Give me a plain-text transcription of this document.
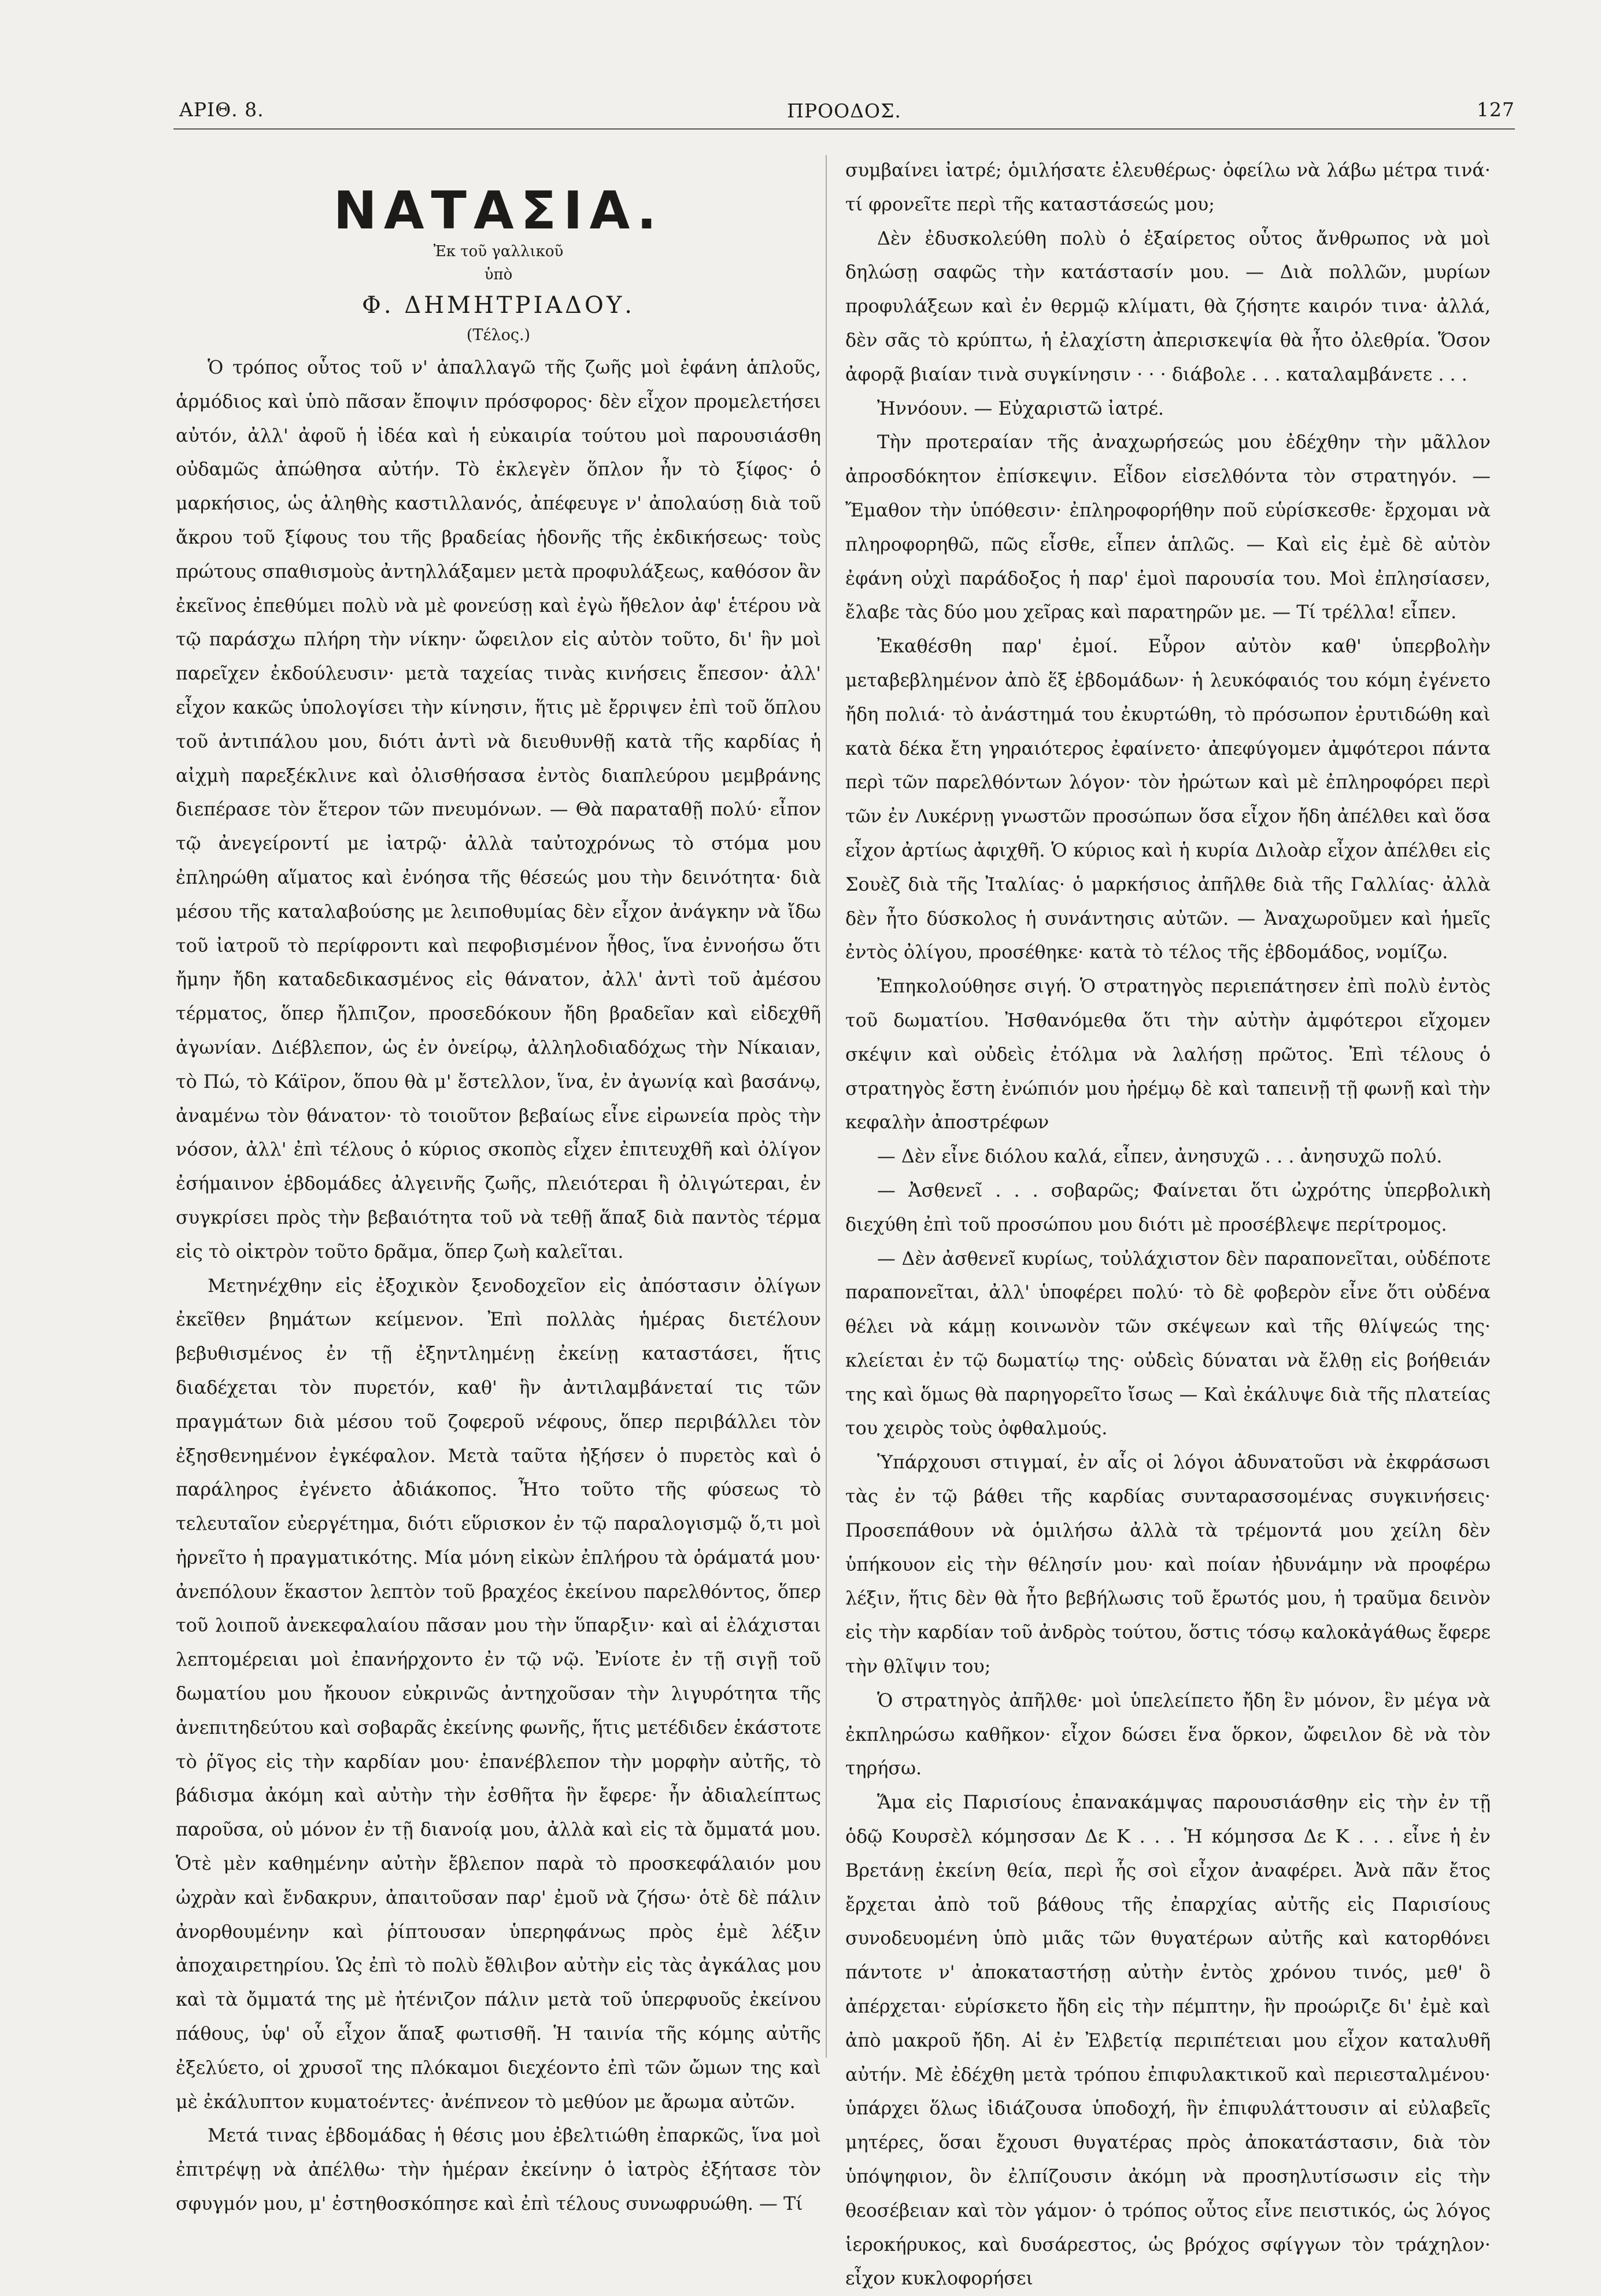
ΑΡΙΘ. 8.	ΠΡΟΟΔΟΣ.	127
ΝΑΤΑΣΙΑ.
Ἐκ τοῦ γαλλικοῦ
ὑπὸ
Φ. ΔΗΜΗΤΡΙΑΔΟΥ.
(Τέλος.)

Ὁ τρόπος οὗτος τοῦ ν' ἀπαλλαγῶ τῆς ζωῆς μοὶ ἐφάνη ἁπλοῦς, ἁρμόδιος καὶ ὑπὸ πᾶσαν ἔποψιν πρόσφορος· δὲν εἶχον προμελετήσει αὐτόν, ἀλλ' ἀφοῦ ἡ ἰδέα καὶ ἡ εὐκαιρία τούτου μοὶ παρουσιάσθη οὐδαμῶς ἀπώθησα αὐτήν. Τὸ ἐκλεγὲν ὅπλον ἦν τὸ ξίφος· ὁ μαρκήσιος, ὡς ἀληθὴς καστιλλανός, ἀπέφευγε ν' ἀπολαύσῃ διὰ τοῦ ἄκρου τοῦ ξίφους του τῆς βραδείας ἡδονῆς τῆς ἐκδικήσεως· τοὺς πρώτους σπαθισμοὺς ἀντηλλάξαμεν μετὰ προφυλάξεως, καθόσον ἂν ἐκεῖνος ἐπεθύμει πολὺ νὰ μὲ φονεύσῃ καὶ ἐγὼ ἤθελον ἀφ' ἑτέρου νὰ τῷ παράσχω πλήρη τὴν νίκην· ὤφειλον εἰς αὐτὸν τοῦτο, δι' ἣν μοὶ παρεῖχεν ἐκδούλευσιν· μετὰ ταχείας τινὰς κινήσεις ἔπεσον· ἀλλ' εἶχον κακῶς ὑπολογίσει τὴν κίνησιν, ἥτις μὲ ἔρριψεν ἐπὶ τοῦ ὅπλου τοῦ ἀντιπάλου μου, διότι ἀντὶ νὰ διευθυνθῇ κατὰ τῆς καρδίας ἡ αἰχμὴ παρεξέκλινε καὶ ὀλισθήσασα ἐντὸς διαπλεύρου μεμβράνης διεπέρασε τὸν ἕτερον τῶν πνευμόνων. — Θὰ παραταθῇ πολύ· εἶπον τῷ ἀνεγείροντί με ἰατρῷ· ἀλλὰ ταὐτοχρόνως τὸ στόμα μου ἐπληρώθη αἵματος καὶ ἐνόησα τῆς θέσεώς μου τὴν δεινότητα· διὰ μέσου τῆς καταλαβούσης με λειποθυμίας δὲν εἶχον ἀνάγκην νὰ ἴδω τοῦ ἰατροῦ τὸ περίφροντι καὶ πεφοβισμένον ἦθος, ἵνα ἐννοήσω ὅτι ἤμην ἤδη καταδεδικασμένος εἰς θάνατον, ἀλλ' ἀντὶ τοῦ ἀμέσου τέρματος, ὅπερ ἤλπιζον, προσεδόκουν ἤδη βραδεῖαν καὶ εἰδεχθῆ ἀγωνίαν. Διέβλεπον, ὡς ἐν ὀνείρῳ, ἀλληλοδιαδόχως τὴν Νίκαιαν, τὸ Πώ, τὸ Κάϊρον, ὅπου θὰ μ' ἔστελλον, ἵνα, ἐν ἀγωνίᾳ καὶ βασάνῳ, ἀναμένω τὸν θάνατον· τὸ τοιοῦτον βεβαίως εἶνε εἰρωνεία πρὸς τὴν νόσον, ἀλλ' ἐπὶ τέλους ὁ κύριος σκοπὸς εἶχεν ἐπιτευχθῆ καὶ ὀλίγον ἐσήμαινον ἑβδομάδες ἀλγεινῆς ζωῆς, πλειότεραι ἢ ὀλιγώτεραι, ἐν συγκρίσει πρὸς τὴν βεβαιότητα τοῦ νὰ τεθῇ ἅπαξ διὰ παντὸς τέρμα εἰς τὸ οἰκτρὸν τοῦτο δρᾶμα, ὅπερ ζωὴ καλεῖται.

Μετηνέχθην εἰς ἐξοχικὸν ξενοδοχεῖον εἰς ἀπόστασιν ὀλίγων ἐκεῖθεν βημάτων κείμενον. Ἐπὶ πολλὰς ἡμέρας διετέλουν βεβυθισμένος ἐν τῇ ἐξηντλημένῃ ἐκείνῃ καταστάσει, ἥτις διαδέχεται τὸν πυρετόν, καθ' ἣν ἀντιλαμβάνεταί τις τῶν πραγμάτων διὰ μέσου τοῦ ζοφεροῦ νέφους, ὅπερ περιβάλλει τὸν ἐξησθενημένον ἐγκέφαλον. Μετὰ ταῦτα ἠξήσεν ὁ πυρετὸς καὶ ὁ παράληρος ἐγένετο ἀδιάκοπος. Ἦτο τοῦτο τῆς φύσεως τὸ τελευταῖον εὐεργέτημα, διότι εὕρισκον ἐν τῷ παραλογισμῷ ὅ,τι μοὶ ἠρνεῖτο ἡ πραγματικότης. Μία μόνη εἰκὼν ἐπλήρου τὰ ὁράματά μου· ἀνεπόλουν ἕκαστον λεπτὸν τοῦ βραχέος ἐκείνου παρελθόντος, ὅπερ τοῦ λοιποῦ ἀνεκεφαλαίου πᾶσαν μου τὴν ὕπαρξιν· καὶ αἱ ἐλάχισται λεπτομέρειαι μοὶ ἐπανήρχοντο ἐν τῷ νῷ. Ἐνίοτε ἐν τῇ σιγῇ τοῦ δωματίου μου ἤκουον εὐκρινῶς ἀντηχοῦσαν τὴν λιγυρότητα τῆς ἀνεπιτηδεύτου καὶ σοβαρᾶς ἐκείνης φωνῆς, ἥτις μετέδιδεν ἑκάστοτε τὸ ῥῖγος εἰς τὴν καρδίαν μου· ἐπανέβλεπον τὴν μορφὴν αὐτῆς, τὸ βάδισμα ἀκόμη καὶ αὐτὴν τὴν ἐσθῆτα ἣν ἔφερε· ἦν ἀδιαλείπτως παροῦσα, οὐ μόνον ἐν τῇ διανοίᾳ μου, ἀλλὰ καὶ εἰς τὰ ὄμματά μου. Ὁτὲ μὲν καθημένην αὐτὴν ἔβλεπον παρὰ τὸ προσκεφάλαιόν μου ὠχρὰν καὶ ἔνδακρυν, ἀπαιτοῦσαν παρ' ἐμοῦ νὰ ζήσω· ὁτὲ δὲ πάλιν ἀνορθουμένην καὶ ῥίπτουσαν ὑπερηφάνως πρὸς ἐμὲ λέξιν ἀποχαιρετηρίου. Ὡς ἐπὶ τὸ πολὺ ἔθλιβον αὐτὴν εἰς τὰς ἀγκάλας μου καὶ τὰ ὄμματά της μὲ ἠτένιζον πάλιν μετὰ τοῦ ὑπερφυοῦς ἐκείνου πάθους, ὑφ' οὗ εἶχον ἅπαξ φωτισθῆ. Ἡ ταινία τῆς κόμης αὐτῆς ἐξελύετο, οἱ χρυσοῖ της πλόκαμοι διεχέοντο ἐπὶ τῶν ὤμων της καὶ μὲ ἐκάλυπτον κυματοέντες· ἀνέπνεον τὸ μεθύον με ἄρωμα αὐτῶν.

Μετά τινας ἑβδομάδας ἡ θέσις μου ἐβελτιώθη ἐπαρκῶς, ἵνα μοὶ ἐπιτρέψῃ νὰ ἀπέλθω· τὴν ἡμέραν ἐκείνην ὁ ἰατρὸς ἐξήτασε τὸν σφυγμόν μου, μ' ἐστηθοσκόπησε καὶ ἐπὶ τέλους συνωφρυώθη. — Τί

συμβαίνει ἰατρέ; ὁμιλήσατε ἐλευθέρως· ὀφείλω νὰ λάβω μέτρα τινά· τί φρονεῖτε περὶ τῆς καταστάσεώς μου;

Δὲν ἐδυσκολεύθη πολὺ ὁ ἐξαίρετος οὗτος ἄνθρωπος νὰ μοὶ δηλώσῃ σαφῶς τὴν κατάστασίν μου. — Διὰ πολλῶν, μυρίων προφυλάξεων καὶ ἐν θερμῷ κλίματι, θὰ ζήσητε καιρόν τινα· ἀλλά, δὲν σᾶς τὸ κρύπτω, ἡ ἐλαχίστη ἀπερισκεψία θὰ ἦτο ὀλεθρία. Ὅσον ἀφορᾷ βιαίαν τινὰ συγκίνησιν · · · διάβολε . . . καταλαμβάνετε . . .

Ἠννόουν. — Εὐχαριστῶ ἰατρέ.

Τὴν προτεραίαν τῆς ἀναχωρήσεώς μου ἐδέχθην τὴν μᾶλλον ἀπροσδόκητον ἐπίσκεψιν. Εἶδον εἰσελθόντα τὸν στρατηγόν. — Ἔμαθον τὴν ὑπόθεσιν· ἐπληροφορήθην ποῦ εὑρίσκεσθε· ἔρχομαι νὰ πληροφορηθῶ, πῶς εἶσθε, εἶπεν ἁπλῶς. — Καὶ εἰς ἐμὲ δὲ αὐτὸν ἐφάνη οὐχὶ παράδοξος ἡ παρ' ἐμοὶ παρουσία του. Μοὶ ἐπλησίασεν, ἔλαβε τὰς δύο μου χεῖρας καὶ παρατηρῶν με. — Τί τρέλλα! εἶπεν.

Ἐκαθέσθη παρ' ἐμοί. Εὗρον αὐτὸν καθ' ὑπερβολὴν μεταβεβλημένον ἀπὸ ἕξ ἑβδομάδων· ἡ λευκόφαιός του κόμη ἐγένετο ἤδη πολιά· τὸ ἀνάστημά του ἐκυρτώθη, τὸ πρόσωπον ἐρυτιδώθη καὶ κατὰ δέκα ἔτη γηραιότερος ἐφαίνετο· ἀπεφύγομεν ἀμφότεροι πάντα περὶ τῶν παρελθόντων λόγον· τὸν ἠρώτων καὶ μὲ ἐπληροφόρει περὶ τῶν ἐν Λυκέρνῃ γνωστῶν προσώπων ὅσα εἶχον ἤδη ἀπέλθει καὶ ὅσα εἶχον ἀρτίως ἀφιχθῆ. Ὁ κύριος καὶ ἡ κυρία Διλοὰρ εἶχον ἀπέλθει εἰς Σουὲζ διὰ τῆς Ἰταλίας· ὁ μαρκήσιος ἀπῆλθε διὰ τῆς Γαλλίας· ἀλλὰ δὲν ἦτο δύσκολος ἡ συνάντησις αὐτῶν. — Ἀναχωροῦμεν καὶ ἡμεῖς ἐντὸς ὀλίγου, προσέθηκε· κατὰ τὸ τέλος τῆς ἑβδομάδος, νομίζω.

Ἐπηκολούθησε σιγή. Ὁ στρατηγὸς περιεπάτησεν ἐπὶ πολὺ ἐντὸς τοῦ δωματίου. Ἠσθανόμεθα ὅτι τὴν αὐτὴν ἀμφότεροι εἴχομεν σκέψιν καὶ οὐδεὶς ἐτόλμα νὰ λαλήσῃ πρῶτος. Ἐπὶ τέλους ὁ στρατηγὸς ἔστη ἐνώπιόν μου ἠρέμῳ δὲ καὶ ταπεινῇ τῇ φωνῇ καὶ τὴν κεφαλὴν ἀποστρέφων

— Δὲν εἶνε διόλου καλά, εἶπεν, ἀνησυχῶ . . . ἀνησυχῶ πολύ.

— Ἀσθενεῖ . . . σοβαρῶς; Φαίνεται ὅτι ὠχρότης ὑπερβολικὴ διεχύθη ἐπὶ τοῦ προσώπου μου διότι μὲ προσέβλεψε περίτρομος.

— Δὲν ἀσθενεῖ κυρίως, τοὐλάχιστον δὲν παραπονεῖται, οὐδέποτε παραπονεῖται, ἀλλ' ὑποφέρει πολύ· τὸ δὲ φοβερὸν εἶνε ὅτι οὐδένα θέλει νὰ κάμῃ κοινωνὸν τῶν σκέψεων καὶ τῆς θλίψεώς της· κλείεται ἐν τῷ δωματίῳ της· οὐδεὶς δύναται νὰ ἔλθῃ εἰς βοήθειάν της καὶ ὅμως θὰ παρηγορεῖτο ἴσως — Καὶ ἐκάλυψε διὰ τῆς πλατείας του χειρὸς τοὺς ὀφθαλμούς.

Ὑπάρχουσι στιγμαί, ἐν αἷς οἱ λόγοι ἀδυνατοῦσι νὰ ἐκφράσωσι τὰς ἐν τῷ βάθει τῆς καρδίας συνταρασσομένας συγκινήσεις· Προσεπάθουν νὰ ὁμιλήσω ἀλλὰ τὰ τρέμοντά μου χείλη δὲν ὑπήκουον εἰς τὴν θέλησίν μου· καὶ ποίαν ἠδυνάμην νὰ προφέρω λέξιν, ἥτις δὲν θὰ ἦτο βεβήλωσις τοῦ ἔρωτός μου, ἡ τραῦμα δεινὸν εἰς τὴν καρδίαν τοῦ ἀνδρὸς τούτου, ὅστις τόσῳ καλοκἀγάθως ἔφερε τὴν θλῖψιν του;

Ὁ στρατηγὸς ἀπῆλθε· μοὶ ὑπελείπετο ἤδη ἓν μόνον, ἓν μέγα νὰ ἐκπληρώσω καθῆκον· εἶχον δώσει ἕνα ὅρκον, ὤφειλον δὲ νὰ τὸν τηρήσω.

Ἅμα εἰς Παρισίους ἐπανακάμψας παρουσιάσθην εἰς τὴν ἐν τῇ ὁδῷ Κουρσὲλ κόμησσαν Δε Κ . . . Ἡ κόμησσα Δε Κ . . . εἶνε ἡ ἐν Βρετάνῃ ἐκείνη θεία, περὶ ἧς σοὶ εἶχον ἀναφέρει. Ἀνὰ πᾶν ἔτος ἔρχεται ἀπὸ τοῦ βάθους τῆς ἐπαρχίας αὐτῆς εἰς Παρισίους συνοδευομένη ὑπὸ μιᾶς τῶν θυγατέρων αὐτῆς καὶ κατορθόνει πάντοτε ν' ἀποκαταστήσῃ αὐτὴν ἐντὸς χρόνου τινός, μεθ' ὃ ἀπέρχεται· εὑρίσκετο ἤδη εἰς τὴν πέμπτην, ἣν προώριζε δι' ἐμὲ καὶ ἀπὸ μακροῦ ἤδη. Αἱ ἐν Ἐλβετίᾳ περιπέτειαι μου εἶχον καταλυθῆ αὐτήν. Μὲ ἐδέχθη μετὰ τρόπου ἐπιφυλακτικοῦ καὶ περιεσταλμένου· ὑπάρχει ὅλως ἰδιάζουσα ὑποδοχή, ἣν ἐπιφυλάττουσιν αἱ εὐλαβεῖς μητέρες, ὅσαι ἔχουσι θυγατέρας πρὸς ἀποκατάστασιν, διὰ τὸν ὑπόψηφιον, ὃν ἐλπίζουσιν ἀκόμη νὰ προσηλυτίσωσιν εἰς τὴν θεοσέβειαν καὶ τὸν γάμον· ὁ τρόπος οὗτος εἶνε πειστικός, ὡς λόγος ἱεροκήρυκος, καὶ δυσάρεστος, ὡς βρόχος σφίγγων τὸν τράχηλον· εἶχον κυκλοφορήσει
